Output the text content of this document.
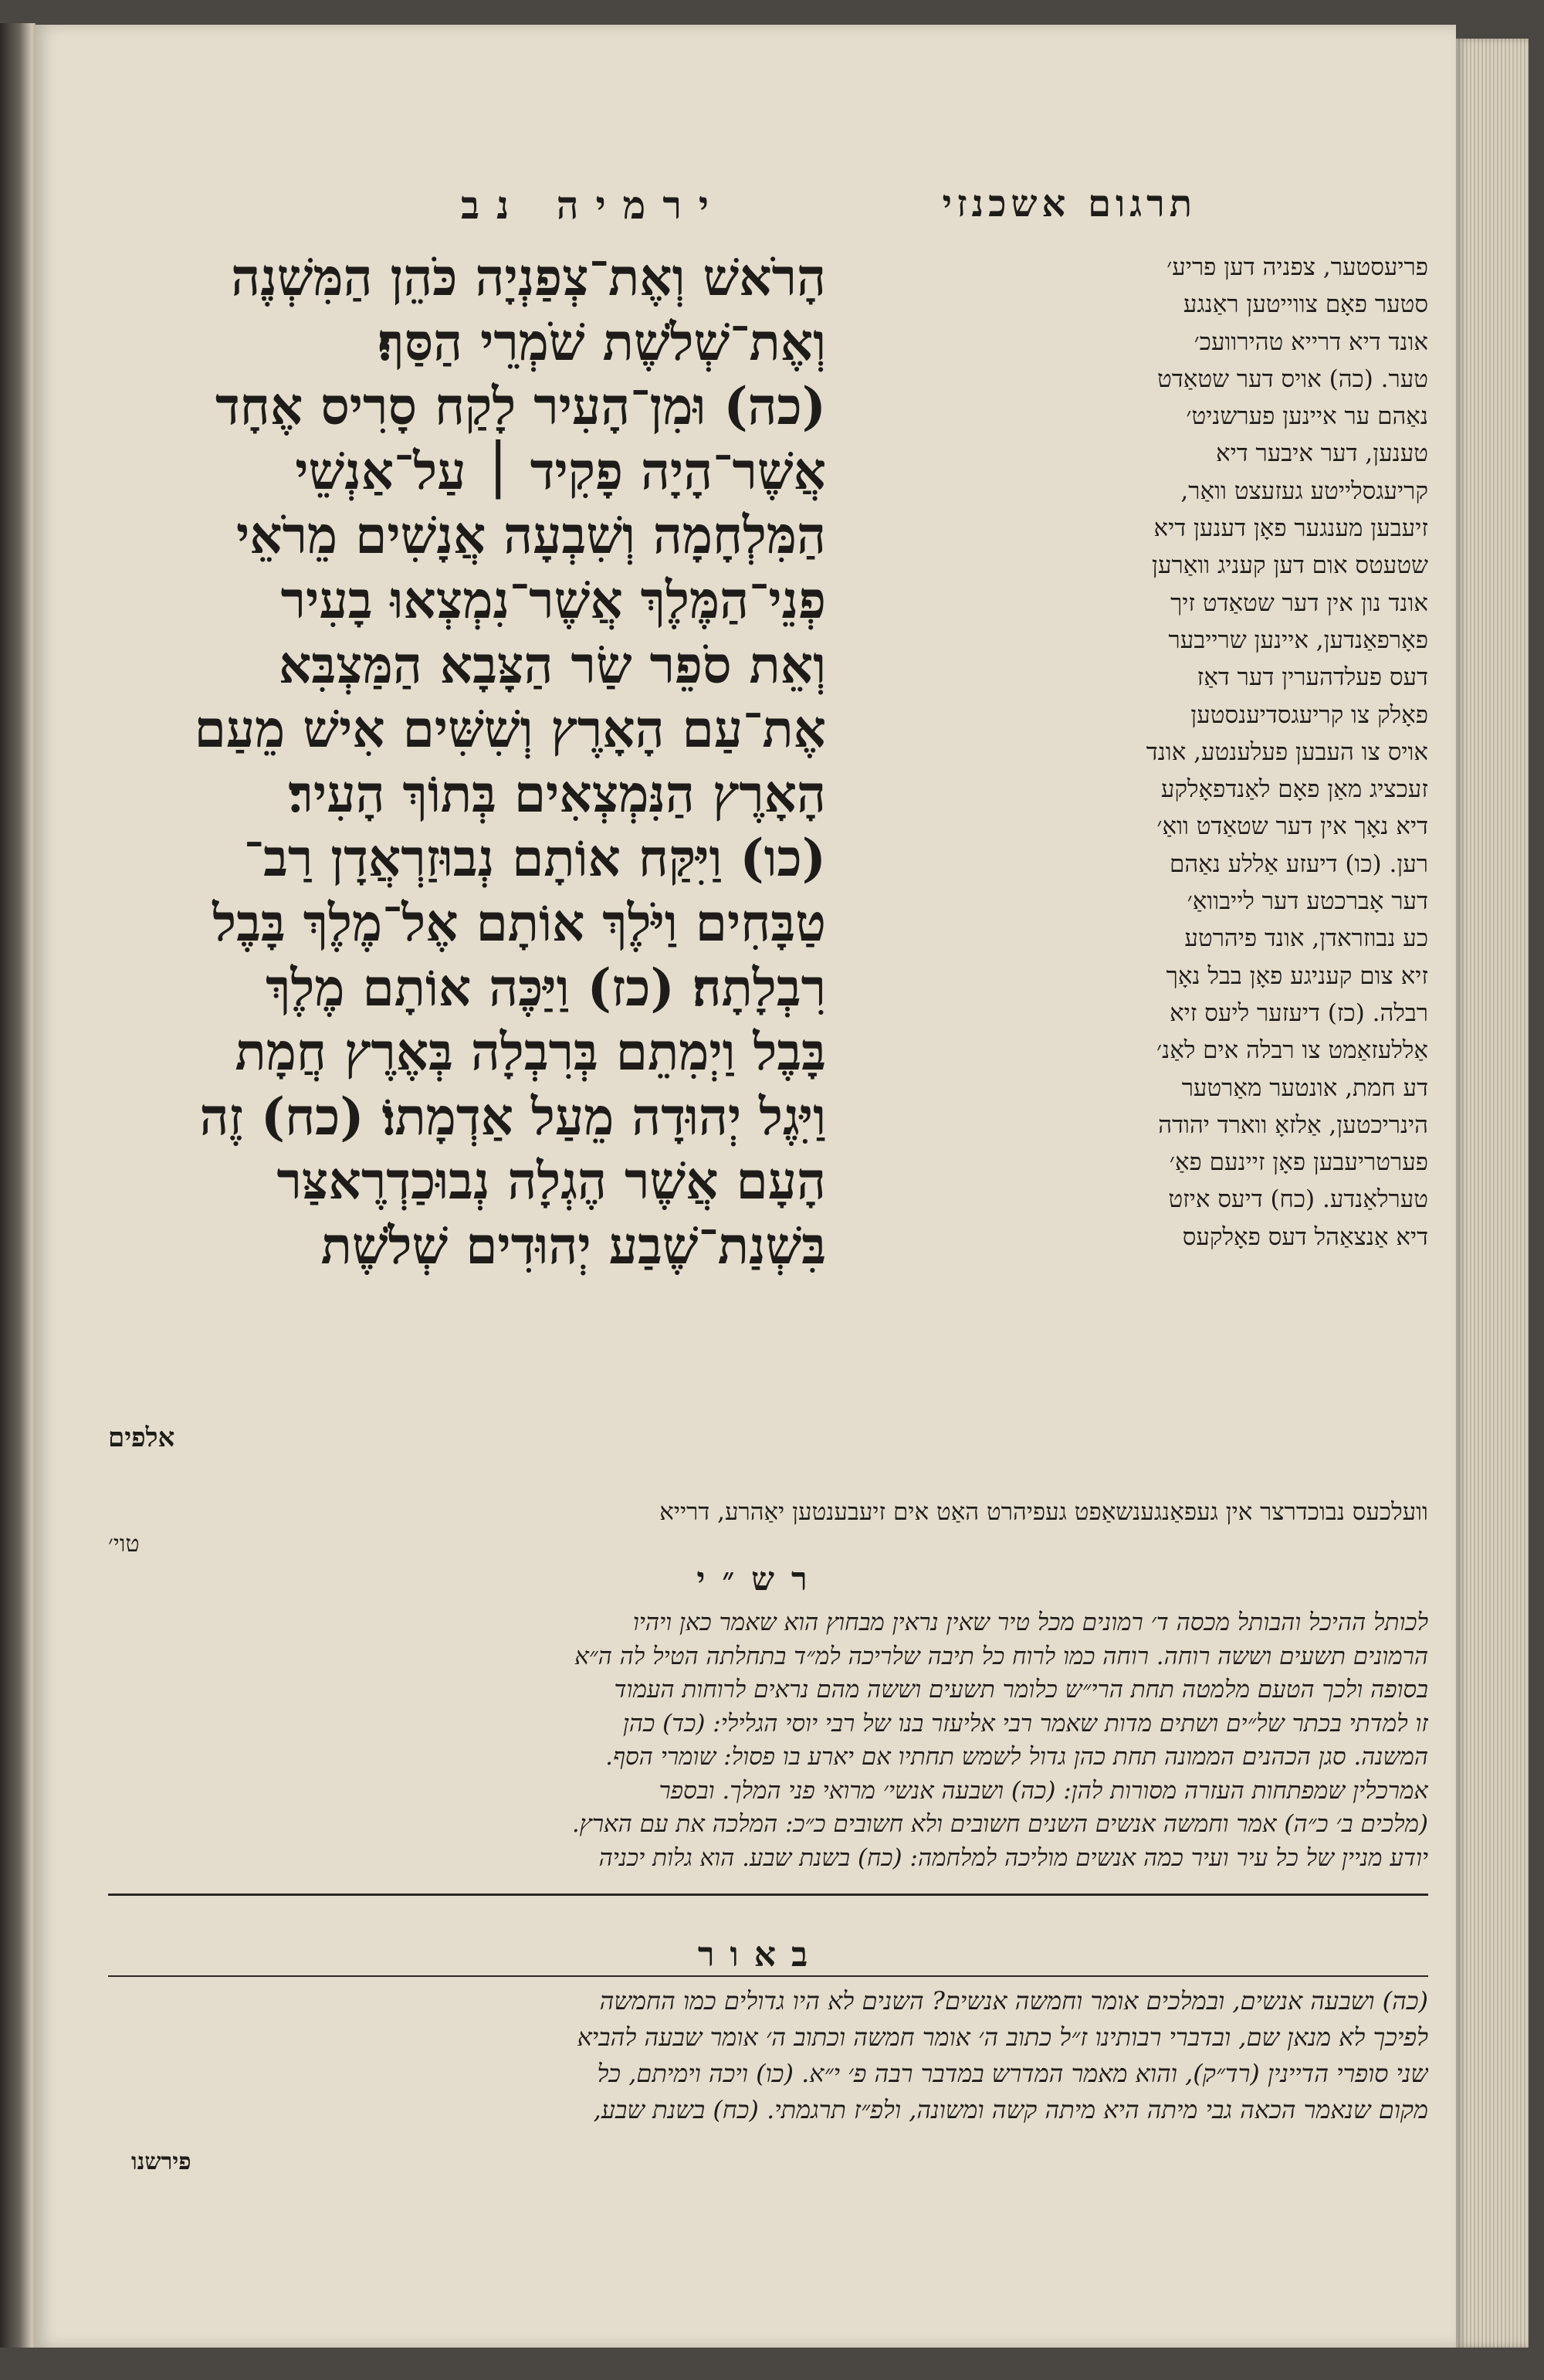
תרגום אשכנזי
ירמיה נב
הָרֹאשׁ וְאֶת־צְפַנְיָה כֹּהֵן הַמִּשְׁנֶה
וְאֶת־שְׁלֹשֶׁת שֹׁמְרֵי הַסַּף׃
(כה) וּמִן־הָעִיר לָקַח סָרִיס אֶחָד
אֲשֶׁר־הָיָה פָקִיד ׀ עַל־אַנְשֵׁי
הַמִּלְחָמָה וְשִׁבְעָה אֲנָשִׁים מֵרֹאֵי
פְנֵי־הַמֶּלֶךְ אֲשֶׁר־נִמְצְאוּ בָעִיר
וְאֵת סֹפֵר שַׂר הַצָּבָא הַמַּצְבִּא
אֶת־עַם הָאָרֶץ וְשִׁשִּׁים אִישׁ מֵעַם
הָאָרֶץ הַנִּמְצְאִים בְּתוֹךְ הָעִיר׃
(כו) וַיִּקַּח אוֹתָם נְבוּזַרְאֲדָן רַב־
טַבָּחִים וַיֹּלֶךְ אוֹתָם אֶל־מֶלֶךְ בָּבֶל
רִבְלָתָה׃ (כז) וַיַּכֶּה אוֹתָם מֶלֶךְ
בָּבֶל וַיְמִתֵם בְּרִבְלָה בְּאֶרֶץ חֲמָת
וַיִּגֶל יְהוּדָה מֵעַל אַדְמָתוֹ׃ (כח) זֶה
הָעָם אֲשֶׁר הֶגְלָה נְבוּכַדְרֶאצַּר
בִּשְׁנַת־שֶׁבַע יְהוּדִים שְׁלֹשֶׁת
אלפים
פריעסטער, צפניה דען פריע׳
סטער פאָם צווייטען ראַנגע
אונד דיא דרייא טהירוועכ׳
טער. (כה) אויס דער שטאַדט
נאַהם ער איינען פערשניט׳
טענען, דער איבער דיא
קריעגסלייטע געזעצט וואַר,
זיעבען מענגער פאָן דענען דיא
שטעטס אום דען קעניג וואַרען
אונד נון אין דער שטאַדט זיך
פאָרפאַנדען, איינען שרייבער
דעס פעלדהערין דער דאַז
פאָלק צו קריעגסדיענסטען
אויס צו העבען פעלענטע, אונד
זעכציג מאַן פאָם לאַנדפאָלקע
דיא נאָך אין דער שטאַדט וואַ׳
רען. (כו) דיעזע אַללע נאַהם
דער אָברכטע דער לייבוואַ׳
כע נבוזראדן, אונד פיהרטע
זיא צום קעניגע פאָן בבל נאָך
רבלה. (כז) דיעזער ליעס זיא
אַללעזאַמט צו רבלה אים לאַנ׳
דע חמת, אונטער מאַרטער
הינריכטען, אַלזאָ ווארד יהודה
פערטריעבען פאָן זיינעם פאַ׳
טערלאַנדע. (כח) דיעס איזט
דיא אַנצאַהל דעס פאָלקעס
וועלכעס נבוכדרצר אין געפאַנגענשאַפט געפיהרט האַט אים זיעבענטען יאַהרע, דרייא
טוי׳
רש״י
לכותל ההיכל והבותל מכסה ד׳ רמונים מכל טיר שאין נראין מבחוץ הוא שאמר כאן ויהיו
הרמונים תשעים וששה רוחה. רוחה כמו לרוח כל תיבה שלריכה למ״ד בתחלתה הטיל לה ה״א
בסופה ולכך הטעם מלמטה תחת הרי״ש כלומר תשעים וששה מהם נראים לרוחות העמוד
זו למדתי בכתר של״ים ושתים מדות שאמר רבי אליעזר בנו של רבי יוסי הגלילי: (כד) כהן
המשנה. סגן הכהנים הממונה תחת כהן גדול לשמש תחתיו אם יארע בו פסול: שומרי הסף.
אמרכלין שמפתחות העזרה מסורות להן: (כה) ושבעה אנשי׳ מרואי פני המלך. ובספר
(מלכים ב׳ כ״ה) אמר וחמשה אנשים השנים חשובים ולא חשובים כ״כ: המלכה את עם הארץ.
יודע מניין של כל עיר ועיר כמה אנשים מוליכה למלחמה: (כח) בשנת שבע. הוא גלות יכניה
באור
(כה) ושבעה אנשים, ובמלכים אומר וחמשה אנשים? השנים לא היו גדולים כמו החמשה
לפיכך לא מנאן שם, ובדברי רבותינו ז״ל כתוב ה׳ אומר חמשה וכתוב ה׳ אומר שבעה להביא
שני סופרי הדיינין (רד״ק), והוא מאמר המדרש במדבר רבה פ׳ י״א. (כו) ויכה וימיתם, כל
מקום שנאמר הכאה גבי מיתה היא מיתה קשה ומשונה, ולפ״ז תרגמתי. (כח) בשנת שבע,
פירשנו
